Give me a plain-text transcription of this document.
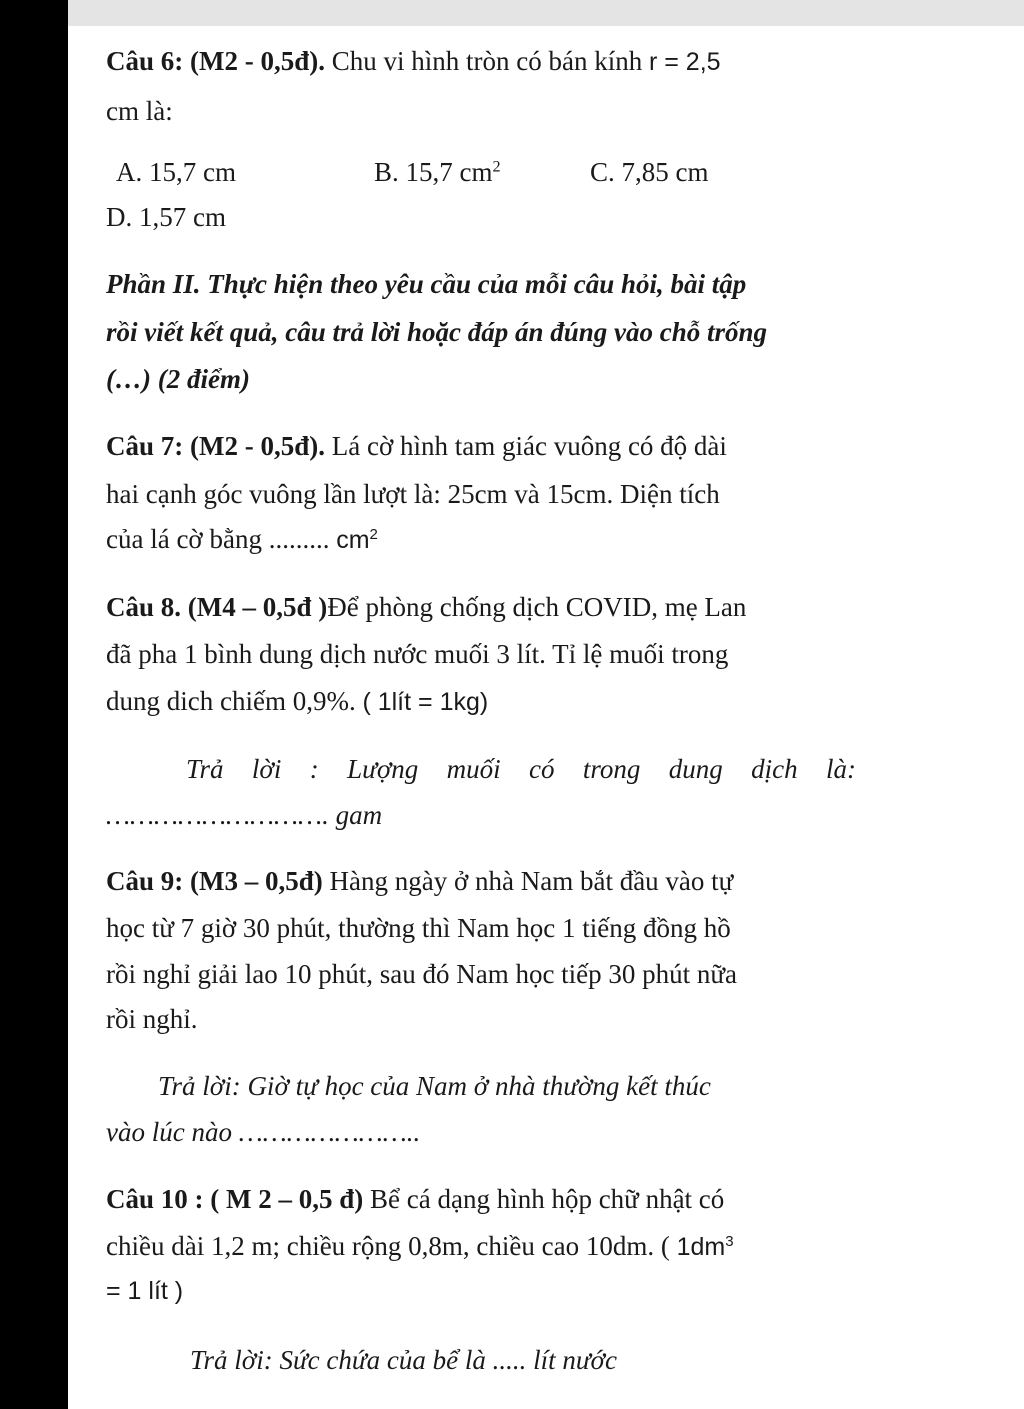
Câu 6: (M2 - 0,5đ). Chu vi hình tròn có bán kính r = 2,5
cm là:
A. 15,7 cm	B. 15,7 $cm^2$	C. 7,85 cm
D. 1,57 cm
Phần II. Thực hiện theo yêu cầu của mỗi câu hỏi, bài tập
rồi viết kết quả, câu trả lời hoặc đáp án đúng vào chỗ trống
(…) (2 điểm)
Câu 7: (M2 - 0,5đ). Lá cờ hình tam giác vuông có độ dài
hai cạnh góc vuông lần lượt là: 25cm và 15cm. Diện tích
của lá cờ bằng ......... $cm^2$
Câu 8. (M4 – 0,5đ )Để phòng chống dịch COVID, mẹ Lan
đã pha 1 bình dung dịch nước muối 3 lít. Tỉ lệ muối trong
dung dich chiếm 0,9%. ( 1lít = 1kg)
Trả lời : Lượng muối có trong dung dịch là:
………………………. gam
Câu 9: (M3 – 0,5đ) Hàng ngày ở nhà Nam bắt đầu vào tự
học từ 7 giờ 30 phút, thường thì Nam học 1 tiếng đồng hồ
rồi nghỉ giải lao 10 phút, sau đó Nam học tiếp 30 phút nữa
rồi nghỉ.
Trả lời: Giờ tự học của Nam ở nhà thường kết thúc
vào lúc nào …………………..
Câu 10 : ( M 2 – 0,5 đ) Bể cá dạng hình hộp chữ nhật có
chiều dài 1,2 m; chiều rộng 0,8m, chiều cao 10dm. ( $1dm^3$
= 1 lít )
Trả lời: Sức chứa của bể là ..... lít nước
